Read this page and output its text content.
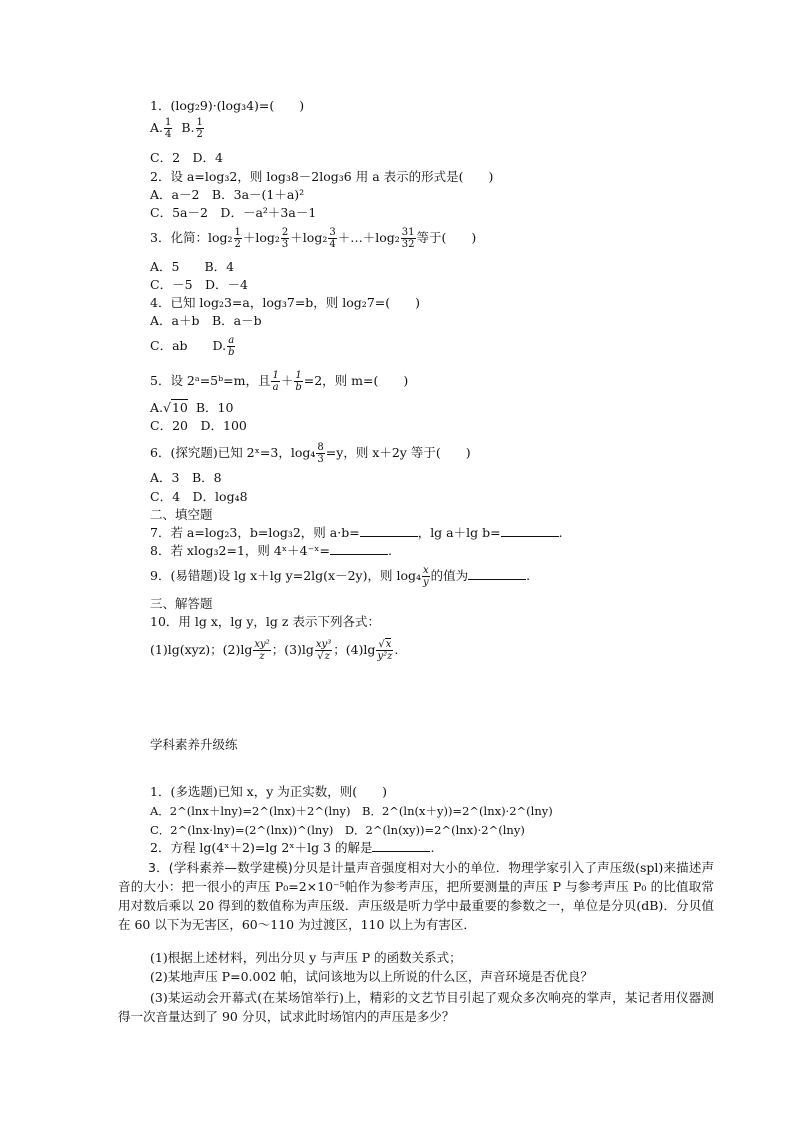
1．(log₂9)·(log₃4)=(　　)
A. $\frac{1}{4} B$. $\frac{1}{2}$
C．2　D．4
2．设 a=log₃2，则 log₃8－2log₃6 用 a 表示的形式是(　　)
A．a－2　B．3a－(1＋a)²
C．5a－2　D．－a²＋3a－1
3．化简：$\log_2 \frac{1}{2} +\log_2 \frac{2}{3} +\log_2 \frac{3}{4}$ ＋…＋log₂ $\frac{31}{32}$ 等于(　　)
A．5　　B．4
C．－5　D．－4
4．已知 log₂3=a，log₃7=b，则 log₂7=(　　)
A．a＋b　B．a－b
C．ab　　D. $\frac{a}{b}$
5．设 2ᵃ=5ᵇ=m，且 $\frac{1}{a} + \frac{1}{b} =2$，则 m=(　　)
A.√10 B．10
C．20　D．100
6．(探究题)已知 2ˣ=3，$\log_4 \frac{8}{3} =y$，则 x＋2y 等于(　　)
A．3　B．8
C．4　D．log₄8
二、填空题
7．若 a=log₂3，b=log₃2，则 a·b=	，lg a＋lg b=	.
8．若 xlog₃2=1，则 4ˣ＋4⁻ˣ=	.
9．(易错题)设 lg x＋lg y=2lg(x－2y)，则 $\log_4 \frac{x}{y}$ 的值为	.
三、解答题
10．用 lg x，lg y，lg z 表示下列各式：
(1)lg(xyz)；$(2)\lg \frac{\text{xy²}}{z}$ ；$(3)\lg \frac{\text{xy³}}{√z}$ ；$(4)\lg \frac{√x}{\text{y²z}}$ .
学科素养升级练
1．(多选题)已知 x，y 为正实数，则(　　)
A．2^(lnx＋lny)=2^(lnx)＋2^(lny)　B．2^(ln(x＋y))=2^(lnx)·2^(lny)
C．2^(lnx·lny)=(2^(lnx))^(lny)　D．2^(ln(xy))=2^(lnx)·2^(lny)
2．方程 lg(4ˣ＋2)=lg 2ˣ＋lg 3 的解是	.
3．(学科素养—数学建模)分贝是计量声音强度相对大小的单位．物理学家引入了声压级(spl)来描述声音的大小：把一很小的声压 P₀=2×10⁻⁵帕作为参考声压，把所要测量的声压 P 与参考声压 P₀ 的比值取常用对数后乘以 20 得到的数值称为声压级．声压级是听力学中最重要的参数之一，单位是分贝(dB)．分贝值在 60 以下为无害区，60～110 为过渡区，110 以上为有害区．
(1)根据上述材料，列出分贝 y 与声压 P 的函数关系式；
(2)某地声压 P=0.002 帕，试问该地为以上所说的什么区，声音环境是否优良？
(3)某运动会开幕式(在某场馆举行)上，精彩的文艺节目引起了观众多次响亮的掌声，某记者用仪器测得一次音量达到了 90 分贝，试求此时场馆内的声压是多少？
